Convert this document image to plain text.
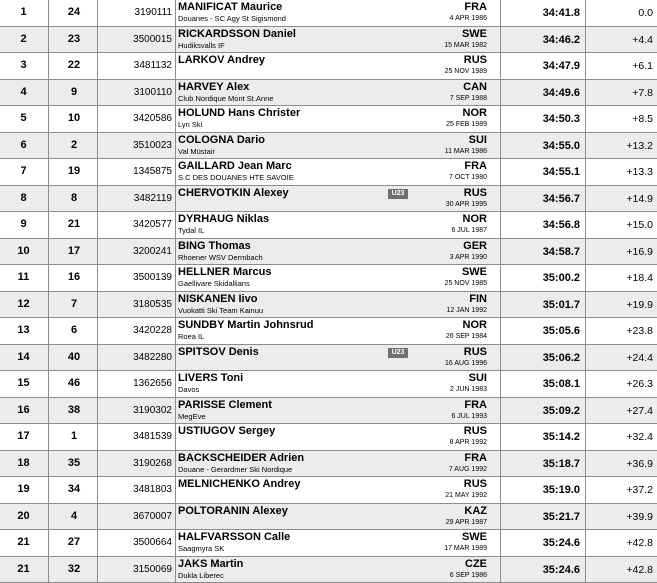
1	24	3190111 MANIFICAT Maurice
Douanes - SC Agy St Sigismond
FRA
4 APR 1986	34:41.8	0.0
2	23	3500015 RICKARDSSON Daniel
Hudiksvalls IF
SWE
15 MAR 1982	34:46.2	+4.4
3	22	3481132 LARKOV Andrey	RUS
25 NOV 1989	34:47.9	+6.1
4	9	3100110 HARVEY Alex
Club Nordique Mont St.Anne
CAN
7 SEP 1988	34:49.6	+7.8
5	10	3420586 HOLUND Hans Christer
Lyn Ski
NOR
25 FEB 1989	34:50.3	+8.5
6	2	3510023 COLOGNA Dario
Val Müstair
SUI
11 MAR 1986	34:55.0	+13.2
7	19	1345875 GAILLARD Jean Marc
S.C DES DOUANES HTE SAVOIE
FRA
7 OCT 1980	34:55.1	+13.3
8	8	3482119 CHERVOTKIN Alexey	RUS
30 APR 1995	34:56.7	+14.9
U23
9	21	3420577 DYRHAUG Niklas
Tydal IL
NOR
6 JUL 1987	34:56.8	+15.0
10	17	3200241 BING Thomas
Rhoener WSV Dermbach
GER
3 APR 1990	34:58.7	+16.9
11	16	3500139 HELLNER Marcus
Gaellivare Skidallians
SWE
25 NOV 1985	35:00.2	+18.4
12	7	3180535 NISKANEN Iivo
Vuokatti Ski Team Kainuu
FIN
12 JAN 1992	35:01.7	+19.9
13	6	3420228 SUNDBY Martin Johnsrud
Roea IL
NOR
26 SEP 1984	35:05.6	+23.8
14	40	3482280 SPITSOV Denis	RUS
16 AUG 1996	35:06.2	+24.4
U23
15	46	1362656 LIVERS Toni
Davos
SUI
2 JUN 1983	35:08.1	+26.3
16	38	3190302 PARISSE Clement
MegEve
FRA
6 JUL 1993	35:09.2	+27.4
17	1	3481539 USTIUGOV Sergey	RUS
8 APR 1992	35:14.2	+32.4
18	35	3190268 BACKSCHEIDER Adrien
Douane - Gerardmer Ski Nordique
FRA
7 AUG 1992	35:18.7	+36.9
19	34	3481803 MELNICHENKO Andrey	RUS
21 MAY 1992	35:19.0	+37.2
20	4	3670007 POLTORANIN Alexey	KAZ
29 APR 1987	35:21.7	+39.9
21	27	3500664 HALFVARSSON Calle
Saagmyra SK
SWE
17 MAR 1989	35:24.6	+42.8
21	32	3150069 JAKS Martin
Dukla Liberec
CZE
6 SEP 1986	35:24.6	+42.8
